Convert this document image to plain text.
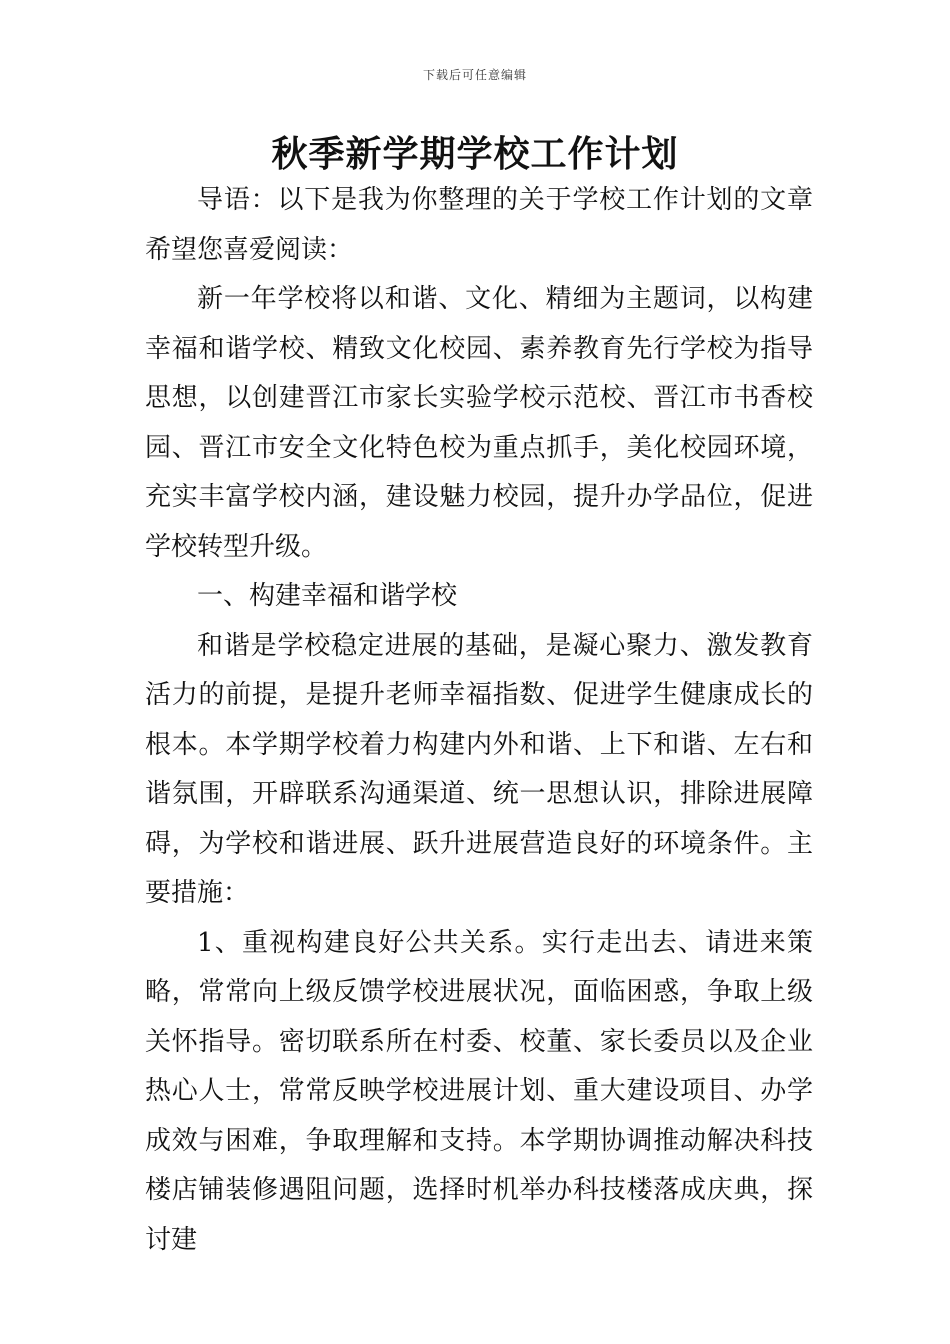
下载后可任意编辑
秋季新学期学校工作计划

导语：以下是我为你整理的关于学校工作计划的文章希望您喜爱阅读：

新一年学校将以和谐、文化、精细为主题词，以构建幸福和谐学校、精致文化校园、素养教育先行学校为指导思想，以创建晋江市家长实验学校示范校、晋江市书香校园、晋江市安全文化特色校为重点抓手，美化校园环境，充实丰富学校内涵，建设魅力校园，提升办学品位，促进学校转型升级。

一、构建幸福和谐学校

和谐是学校稳定进展的基础，是凝心聚力、激发教育活力的前提，是提升老师幸福指数、促进学生健康成长的根本。本学期学校着力构建内外和谐、上下和谐、左右和谐氛围，开辟联系沟通渠道、统一思想认识，排除进展障碍，为学校和谐进展、跃升进展营造良好的环境条件。主要措施：

1、重视构建良好公共关系。实行走出去、请进来策略，常常向上级反馈学校进展状况，面临困惑，争取上级关怀指导。密切联系所在村委、校董、家长委员以及企业热心人士，常常反映学校进展计划、重大建设项目、办学成效与困难，争取理解和支持。本学期协调推动解决科技楼店铺装修遇阻问题，选择时机举办科技楼落成庆典，探讨建
